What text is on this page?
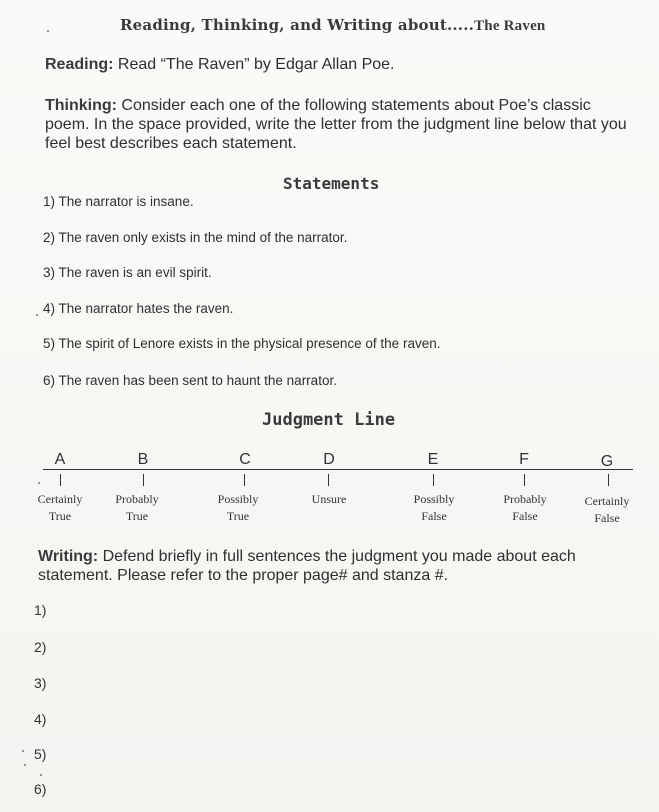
Reading, Thinking, and Writing about.....The Raven
Reading: Read “The Raven” by Edgar Allan Poe.
Thinking: Consider each one of the following statements about Poe’s classic poem. In the space provided, write the letter from the judgment line below that you feel best describes each statement.
Statements
1) The narrator is insane.
2) The raven only exists in the mind of the narrator.
3) The raven is an evil spirit.
4) The narrator hates the raven.
5) The spirit of Lenore exists in the physical presence of the raven.
6) The raven has been sent to haunt the narrator.
Judgment Line
A
Certainly
True
B
Probably
True
C
Possibly
True
D
Unsure
E
Possibly
False
F
Probably
False
G
Certainly
False
Writing: Defend briefly in full sentences the judgment you made about each statement. Please refer to the proper page# and stanza #.
1)
2)
3)
4)
5)
6)
